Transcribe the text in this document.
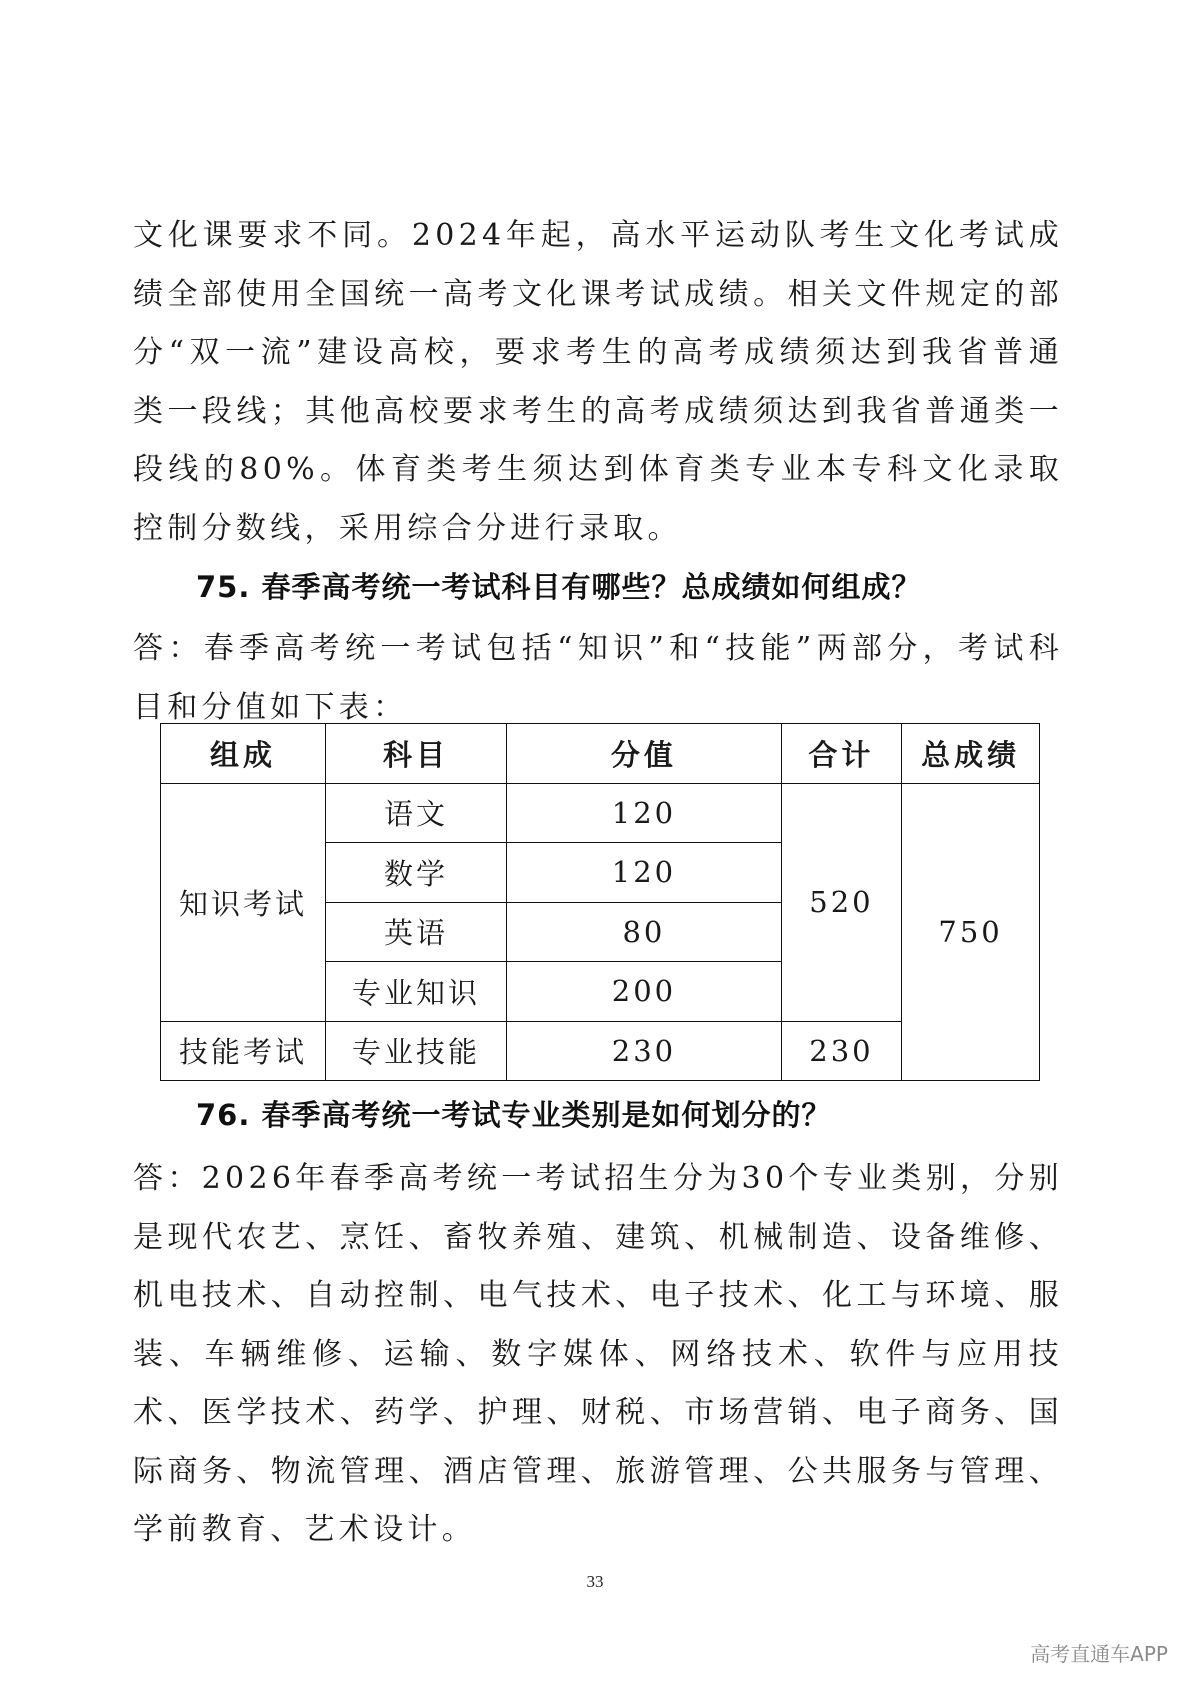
文化课要求不同。2024年起，高水平运动队考生文化考试成绩全部使用全国统一高考文化课考试成绩。相关文件规定的部分“双一流”建设高校，要求考生的高考成绩须达到我省普通类一段线；其他高校要求考生的高考成绩须达到我省普通类一段线的80%。体育类考生须达到体育类专业本专科文化录取控制分数线，采用综合分进行录取。

75. 春季高考统一考试科目有哪些？总成绩如何组成？

答：春季高考统一考试包括“知识”和“技能”两部分，考试科目和分值如下表：

组成	科目	分值	合计	总成绩
知识考试	语文	120	520	750
	数学	120		
	英语	80		
	专业知识	200		
技能考试	专业技能	230	230	
76. 春季高考统一考试专业类别是如何划分的？

答：2026年春季高考统一考试招生分为30个专业类别，分别是现代农艺、烹饪、畜牧养殖、建筑、机械制造、设备维修、机电技术、自动控制、电气技术、电子技术、化工与环境、服装、车辆维修、运输、数字媒体、网络技术、软件与应用技术、医学技术、药学、护理、财税、市场营销、电子商务、国际商务、物流管理、酒店管理、旅游管理、公共服务与管理、学前教育、艺术设计。

33
高考直通车APP
